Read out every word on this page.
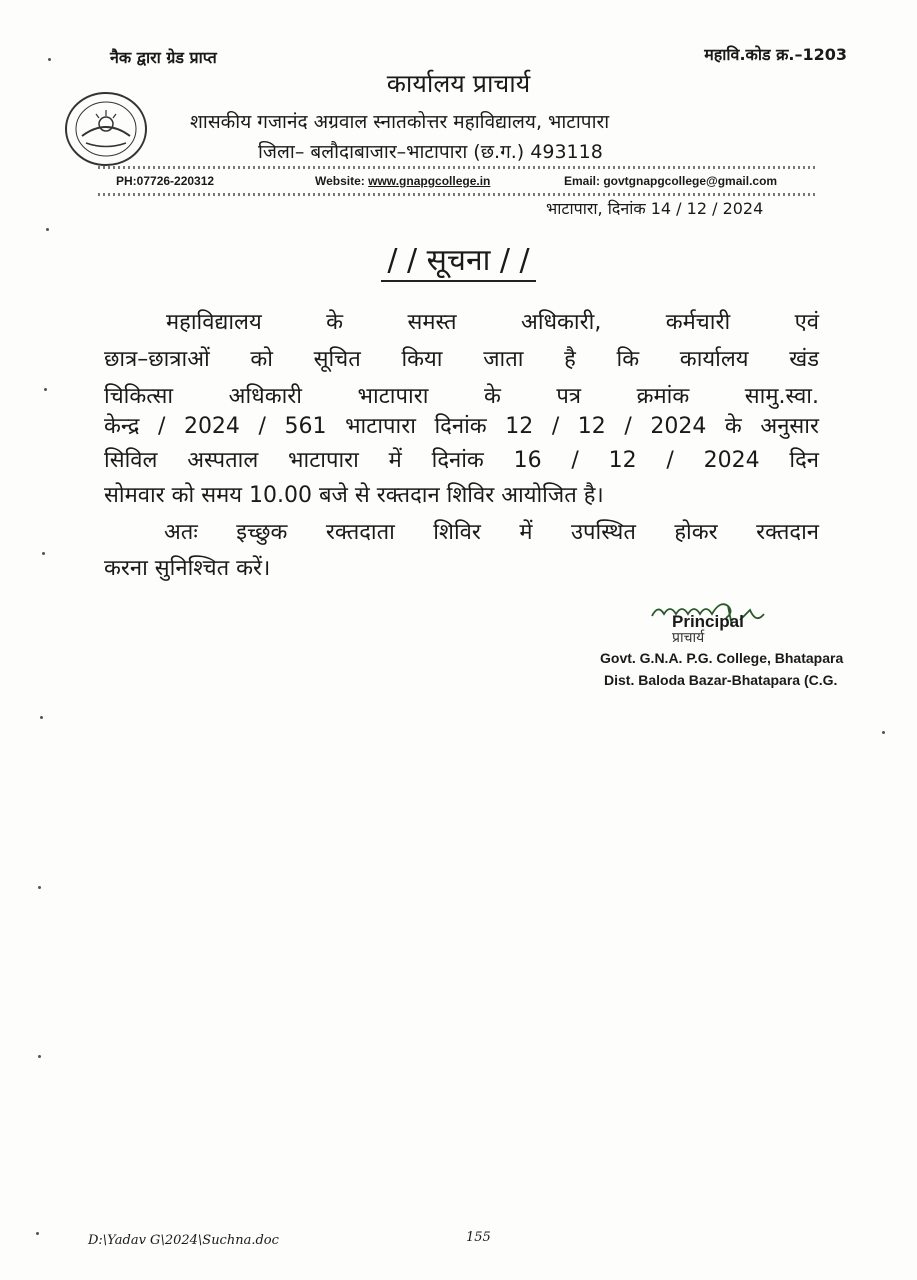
नैक द्वारा ग्रेड प्राप्त	महावि.कोड क्र.–1203
कार्यालय प्राचार्य
शासकीय गजानंद अग्रवाल स्नातकोत्तर महाविद्यालय, भाटापारा
जिला– बलौदाबाजार–भाटापारा (छ.ग.) 493118
PH:07726-220312	Website: www.gnapgcollege.in	Email: govtgnapgcollege@gmail.com
भाटापारा, दिनांक 14 / 12 / 2024
/ / सूचना / /
महाविद्यालय के समस्त अधिकारी, कर्मचारी एवं
छात्र–छात्राओं को सूचित किया जाता है कि कार्यालय खंड
चिकित्सा अधिकारी भाटापारा के पत्र क्रमांक सामु.स्वा.
केन्द्र / 2024 / 561 भाटापारा दिनांक 12 / 12 / 2024 के अनुसार
सिविल अस्पताल भाटापारा में दिनांक 16 / 12 / 2024 दिन
सोमवार को समय 10.00 बजे से रक्तदान शिविर आयोजित है।
अतः इच्छुक रक्तदाता शिविर में उपस्थित होकर रक्तदान
करना सुनिश्चित करें।
Principal
प्राचार्य
Govt. G.N.A. P.G. College, Bhatapara
Dist. Baloda Bazar-Bhatapara (C.G.
D:\Yadav G\2024\Suchna.doc	155
